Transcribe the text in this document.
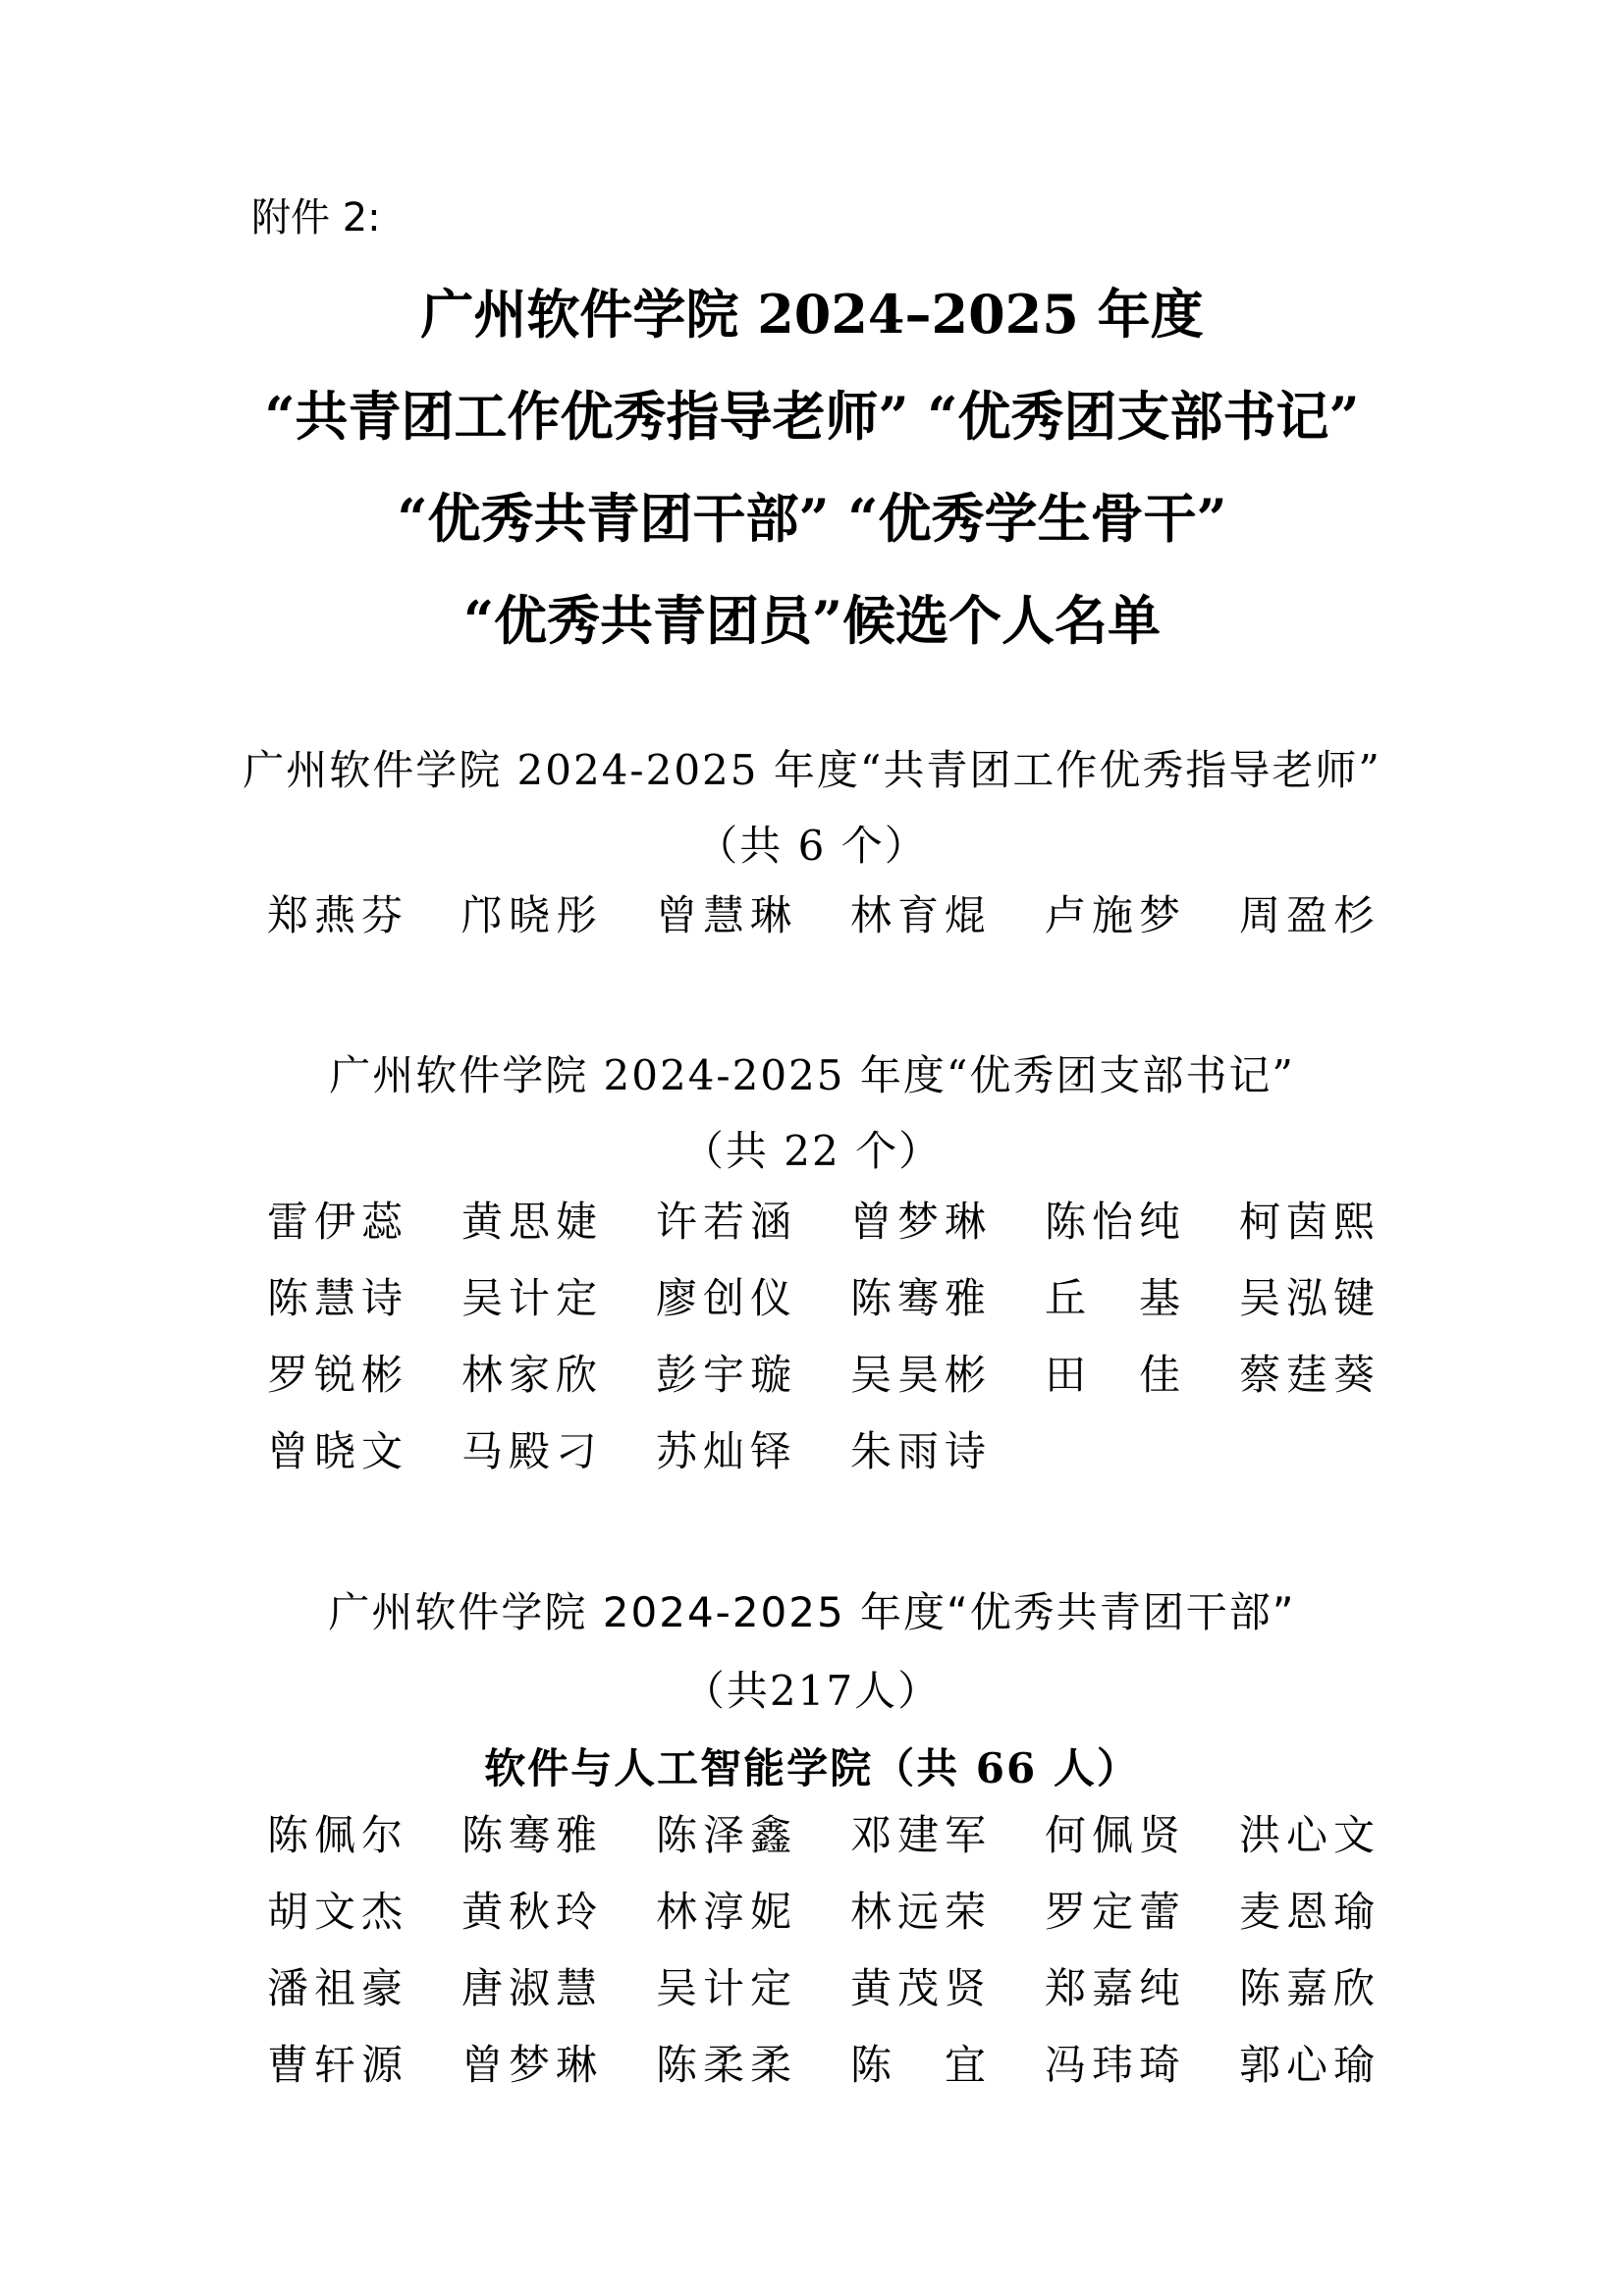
附件 2:
广州软件学院 2024–2025 年度
“共青团工作优秀指导老师” “优秀团支部书记”
“优秀共青团干部” “优秀学生骨干”
“优秀共青团员”候选个人名单
广州软件学院 2024-2025 年度“共青团工作优秀指导老师”
（共 6 个）
郑燕芬	邝晓彤	曾慧琳	林育焜	卢施梦	周盈杉
广州软件学院 2024-2025 年度“优秀团支部书记”
（共 22 个）
雷伊蕊	黄思婕	许若涵	曾梦琳	陈怡纯	柯茵熙
陈慧诗	吴计定	廖创仪	陈骞雅	丘　基	吴泓键
罗锐彬	林家欣	彭宇璇	吴昊彬	田　佳	蔡莛葵
曾晓文	马殿刁	苏灿铎	朱雨诗
广州软件学院 2024-2025 年度“优秀共青团干部”
（共217人）
软件与人工智能学院（共 66 人）
陈佩尔	陈骞雅	陈泽鑫	邓建军	何佩贤	洪心文
胡文杰	黄秋玲	林淳妮	林远荣	罗定蕾	麦恩瑜
潘祖豪	唐淑慧	吴计定	黄茂贤	郑嘉纯	陈嘉欣
曹轩源	曾梦琳	陈柔柔	陈　宜	冯玮琦	郭心瑜
